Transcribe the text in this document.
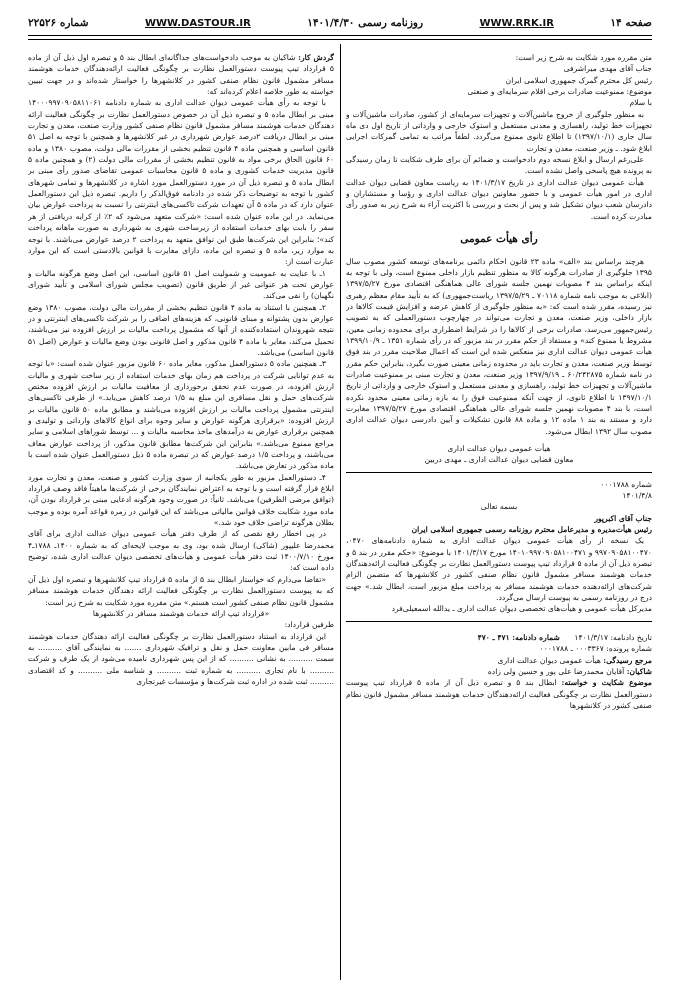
شماره ۲۲۵۲۶	WWW.DASTOUR.IR	روزنامه رسمی ۱۴۰۱/۴/۳۰	WWW.RRK.IR	صفحه ۱۴

متن مقرره مورد شکایت به شرح زیر است:

جناب آقای مهدی میراشرفی

رئیس کل محترم گمرک جمهوری اسلامی ایران

موضوع: ممنوعیت صادرات برخی اقلام سرمایه‌ای و صنعتی

با سلام

به منظور جلوگیری از خروج ماشین‌آلات و تجهیزات سرمایه‌ای از کشور، صادرات ماشین‌آلات و تجهیزات خط تولید، راهسازی و معدنی مستعمل و استوک خارجی و وارداتی از تاریخ اول دی ماه سال جاری (۱۳۹۷/۱۰/۱) تا اطلاع ثانوی ممنوع می‌گردد. لطفاً مراتب به تمامی گمرکات اجرایی ابلاغ شود. ـ وزیر صنعت، معدن و تجارت

علی‌رغم ارسال و ابلاغ نسخه دوم دادخواست و ضمائم آن برای طرف شکایت تا زمان رسیدگی به پرونده هیچ پاسخی واصل نشده است.

هیأت عمومی دیوان عدالت اداری در تاریخ ۱۴۰۱/۳/۱۷ به ریاست معاون قضایی دیوان عدالت اداری در امور هیأت عمومی و با حضور معاونین دیوان عدالت اداری و رؤسا و مستشاران و دادرسان شعب دیوان تشکیل شد و پس از بحث و بررسی با اکثریت آراء به شرح زیر به صدور رأی مبادرت کرده است.

رأی هیأت عمومی

هرچند براساس بند «الف» ماده ۲۳ قانون احکام دائمی برنامه‌های توسعه کشور مصوب سال ۱۳۹۵ جلوگیری از صادرات هرگونه کالا به منظور تنظیم بازار داخلی ممنوع است، ولی با توجه به اینکه براساس بند ۴ مصوبات نهمین جلسه شورای عالی هماهنگی اقتصادی مورخ ۱۳۹۷/۵/۲۷ (ابلاغی به موجب نامه شماره ۷۰۱۱۸ ـ ۱۳۹۷/۵/۲۹ ریاست‌جمهوری) که به تأیید مقام معظم رهبری نیز رسیده، مقرر شده است که: «به منظور جلوگیری از کاهش عرضه و افزایش قیمت کالاها در بازار داخلی، وزیر صنعت، معدن و تجارت می‌تواند در چهارچوب دستورالعملی که به تصویب رئیس‌جمهور می‌رسد، صادرات برخی از کالاها را در شرایط اضطراری برای محدوده زمانی معین، مشروط یا ممنوع کند» و مستفاد از حکم مقرر در بند مزبور که در رأی شماره ۱۳۵۱ ـ ۱۳۹۹/۱۰/۹ هیأت عمومی دیوان عدالت اداری نیز منعکس شده این است که اعمال صلاحیت مقرر در بند فوق توسط وزیر صنعت، معدن و تجارت باید در محدوده زمانی معینی صورت بگیرد، بنابراین حکم مقرر در نامه شماره ۶۰/۲۴۲۸۷۵ ـ ۱۳۹۷/۹/۱۹ وزیر صنعت، معدن و تجارت مبنی بر ممنوعیت صادرات ماشین‌آلات و تجهیزات خط تولید، راهسازی و معدنی مستعمل و استوک خارجی و وارداتی از تاریخ ۱۳۹۷/۱۰/۱ تا اطلاع ثانوی، از جهت آنکه ممنوعیت فوق را به بازه زمانی معینی محدود نکرده است، با بند ۴ مصوبات نهمین جلسه شورای عالی هماهنگی اقتصادی مورخ ۱۳۹۷/۵/۲۷ مغایرت دارد و مستند به بند ۱ ماده ۱۲ و ماده ۸۸ قانون تشکیلات و آیین دادرسی دیوان عدالت اداری مصوب سال ۱۳۹۲ ابطال می‌شود.

هیأت عمومی دیوان عدالت اداری

معاون قضایی دیوان عدالت اداری ـ مهدی دربین

شماره ۰۰۰۱۷۸۸

۱۴۰۱/۴/۸

بسمه تعالی

جناب آقای اکبرپور

رئیس هیأت‌مدیره و مدیرعامل محترم روزنامه رسمی جمهوری اسلامی ایران

یک نسخه از رأی هیأت عمومی دیوان عدالت اداری به شماره دادنامه‌های ۰۴۷۰، ۹۹۷۰۹۰۵۸۱۰۰۴۷۰ و ۱۴۰۱۰۹۹۷۰۹۰۵۸۱۰۰۴۷۱ مورخ ۱۴۰۱/۳/۱۷ با موضوع: «حکم مقرر در بند ۵ و تبصره ذیل آن از ماده ۵ قرارداد تیپ پیوست دستورالعمل نظارت بر چگونگی فعالیت ارائه‌دهندگان خدمات هوشمند مسافر مشمول قانون نظام صنفی کشور در کلانشهرها که متضمن الزام شرکت‌های ارائه‌دهنده خدمات هوشمند مسافر به پرداخت مبلغ مزبور است، ابطال شد.» جهت درج در روزنامه رسمی به پیوست ارسال می‌گردد.

مدیرکل هیأت عمومی و هیأت‌های تخصصی دیوان عدالت اداری ـ یدالله اسمعیلی‌فرد

تاریخ دادنامه: ۱۴۰۱/۳/۱۷      شماره دادنامه: ۴۷۱ ـ ۴۷۰

شماره پرونده: ۰۰۰۳۳۶۷ ـ ۰۰۰۱۷۸۸

مرجع رسیدگی: هیأت عمومی دیوان عدالت اداری

شاکیان: آقایان محمدرضا علی پور و حسین ولی زاده

موضوع شکایت و خواسته: ابطال بند ۵ و تبصره ذیل آن از ماده ۵ قرارداد تیپ پیوست دستورالعمل نظارت بر چگونگی فعالیت ارائه‌دهندگان خدمات هوشمند مسافر مشمول قانون نظام صنفی کشور در کلانشهرها

گردش کار: شاکیان به موجب دادخواست‌های جداگانه‌ای ابطال بند ۵ و تبصره اول ذیل آن از ماده ۵ قرارداد تیپ پیوست دستورالعمل نظارت بر چگونگی فعالیت ارائه‌دهندگان خدمات هوشمند مسافر مشمول قانون نظام صنفی کشور در کلانشهرها را خواستار شده‌اند و در جهت تبیین خواسته به طور خلاصه اعلام کرده‌اند که:

با توجه به رأی هیأت عمومی دیوان عدالت اداری به شماره دادنامه ۱۴۰۰۰۹۹۷۰۹۰۵۸۱۱۰۶۱ مبنی بر ابطال ماده ۵ و تبصره ذیل آن در خصوص دستورالعمل نظارت بر چگونگی فعالیت ارائه دهندگان خدمات هوشمند مسافر مشمول قانون نظام صنفی کشور وزارت صنعت، معدن و تجارت مبنی بر ابطال دریافت ۲درصد عوارض شهرداری در غیر کلانشهرها و همچنین با توجه به اصل ۵۱ قانون اساسی و همچنین ماده ۴ قانون تنظیم بخشی از مقررات مالی دولت، مصوب ۱۳۸۰ و ماده ۶۰ قانون الحاق برخی مواد به قانون تنظیم بخشی از مقررات مالی دولت (۲) و همچنین ماده ۵ قانون مدیریت خدمات کشوری و ماده ۵ قانون محاسبات عمومی تقاضای صدور رأی مبنی بر ابطال ماده ۵ و تبصره ذیل آن در مورد دستورالعمل مورد اشاره در کلانشهرها و تمامی شهرهای کشور با توجه به توضیحات ذکر شده در دادنامه فوق‌الذکر را داریم. تبصره ذیل این دستورالعمل عنوان دارد که در ماده ۵ آن تعهدات شرکت تاکسی‌های اینترنتی را نسبت به پرداخت عوارض بیان می‌نماید. در این ماده عنوان شده است: «شرکت متعهد می‌شود که ۲٪ از کرایه دریافتی از هر سفر را بابت بهای خدمات استفاده از زیرساخت شهری به شهرداری به صورت ماهانه پرداخت کند»؛ بنابراین این شرکت‌ها طبق این توافق متعهد به پرداخت ۲ درصد عوارض می‌باشند. با توجه به موارد زیر، ماده ۵ و تبصره این ماده، دارای مغایرت با قوانین بالادستی است که این موارد عبارت است از:

۱ـ با عنایت به عمومیت و شمولیت اصل ۵۱ قانون اساسی، این اصل وضع هرگونه مالیات و عوارض تحت هر عنوانی غیر از طریق قانون (تصویب مجلس شورای اسلامی و تأیید شورای نگهبان) را نفی می‌کند.

۲ـ همچنین با استناد به ماده ۴ قانون تنظیم بخشی از مقررات مالی دولت، مصوب ۱۳۸۰ وضع عوارض بدون پشتوانه و مبنای قانونی، که هزینه‌های اضافی را بر شرکت تاکسی‌های اینترنتی و در نتیجه شهروندان استفاده‌کننده از آنها که مشمول پرداخت مالیات بر ارزش افزوده نیز می‌باشند، تحمیل می‌کند، مغایر با ماده ۴ قانون مذکور و اصل قانونی بودن وضع مالیات و عوارض (اصل ۵۱ قانون اساسی) می‌باشد.

۳ـ همچنین ماده ۵ دستورالعمل مذکور، مغایر ماده ۶۰ قانون مزبور عنوان شده است: «با توجه به عدم توانایی شرکت در پرداخت هم زمان بهای خدمات استفاده از زیر ساخت شهری و مالیات ارزش افزوده، در صورت عدم تحقق برخورداری از معافیت مالیات بر ارزش افزوده مختص شرکت‌های حمل و نقل مسافری این مبلغ به ۱/۵ درصد کاهش می‌یابد.» از طرفی تاکسی‌های اینترنتی مشمول پرداخت مالیات بر ارزش افزوده می‌باشند و مطابق ماده ۵۰ قانون مالیات بر ارزش افزوده: «برقراری هرگونه عوارض و سایر وجوه برای انواع کالاهای وارداتی و تولیدی و همچنین برقراری عوارض به درآمدهای ماخذ محاسبه مالیات و ... توسط شوراهای اسلامی و سایر مراجع ممنوع می‌باشد.» بنابراین این شرکت‌ها مطابق قانون مذکور، از پرداخت عوارض معاف می‌باشند، و پرداخت ۱/۵ درصد عوارض که در تبصره ماده ۵ ذیل دستورالعمل عنوان شده است با ماده مذکور در تعارض می‌باشد.

۴ـ دستورالعمل مزبور به طور یکجانبه از سوی وزارت کشور و صنعت، معدن و تجارت مورد ابلاغ قرار گرفته است و با توجه به اعتراض نمایندگان برخی از شرکت‌ها ماهیتاً فاقد وصف قرارداد (توافق مرضی الطرفین) می‌باشد. ثانیاً: در صورت وجود هرگونه ادعایی مبنی بر قرارداد بودن آن، ماده مورد شکایت خلاف قوانین مالیاتی می‌باشد که این قوانین در زمره قواعد آمره بوده و موجب بطلان هرگونه تراضی خلاف خود شد.»

در پی اخطار رفع نقصی که از طرف دفتر هیأت عمومی دیوان عدالت اداری برای آقای محمدرضا علیپور (شاکی) ارسال شده بود، وی به موجب لایحه‌ای که به شماره ۱۴۰۰ـ ۱۷۸۸ـ۴ مورخ ۱۴۰۰/۷/۱۰ ثبت دفتر هیأت عمومی و هیأت‌های تخصصی دیوان عدالت اداری شده، توضیح داده است که:

«تقاضا می‌دارم که خواستار ابطال بند ۵ از ماده ۵ قرارداد تیپ کلانشهرها و تبصره اول ذیل آن که به پیوست دستورالعمل نظارت بر چگونگی فعالیت ارائه دهندگان خدمات هوشمند مسافر مشمول قانون نظام صنفی کشور است هستم.» متن مقرره مورد شکایت به شرح زیر است:

«قرارداد تیپ ارائه خدمات هوشمند مسافر در کلانشهرها

طرفین قرارداد:

این قرارداد به استناد دستورالعمل نظارت بر چگونگی فعالیت ارائه دهندگان خدمات هوشمند مسافر فی مابین معاونت حمل و نقل و ترافیک شهرداری ....... به نمایندگی آقای .......... به سمت .......... به نشانی .......... که از این پس شهرداری نامیده می‌شود از یک طرف و شرکت .......... با نام تجاری .......... به شماره ثبت .......... و شناسه ملی .......... و کد اقتصادی .......... ثبت شده در اداره ثبت شرکت‌ها و مؤسسات غیرتجاری
